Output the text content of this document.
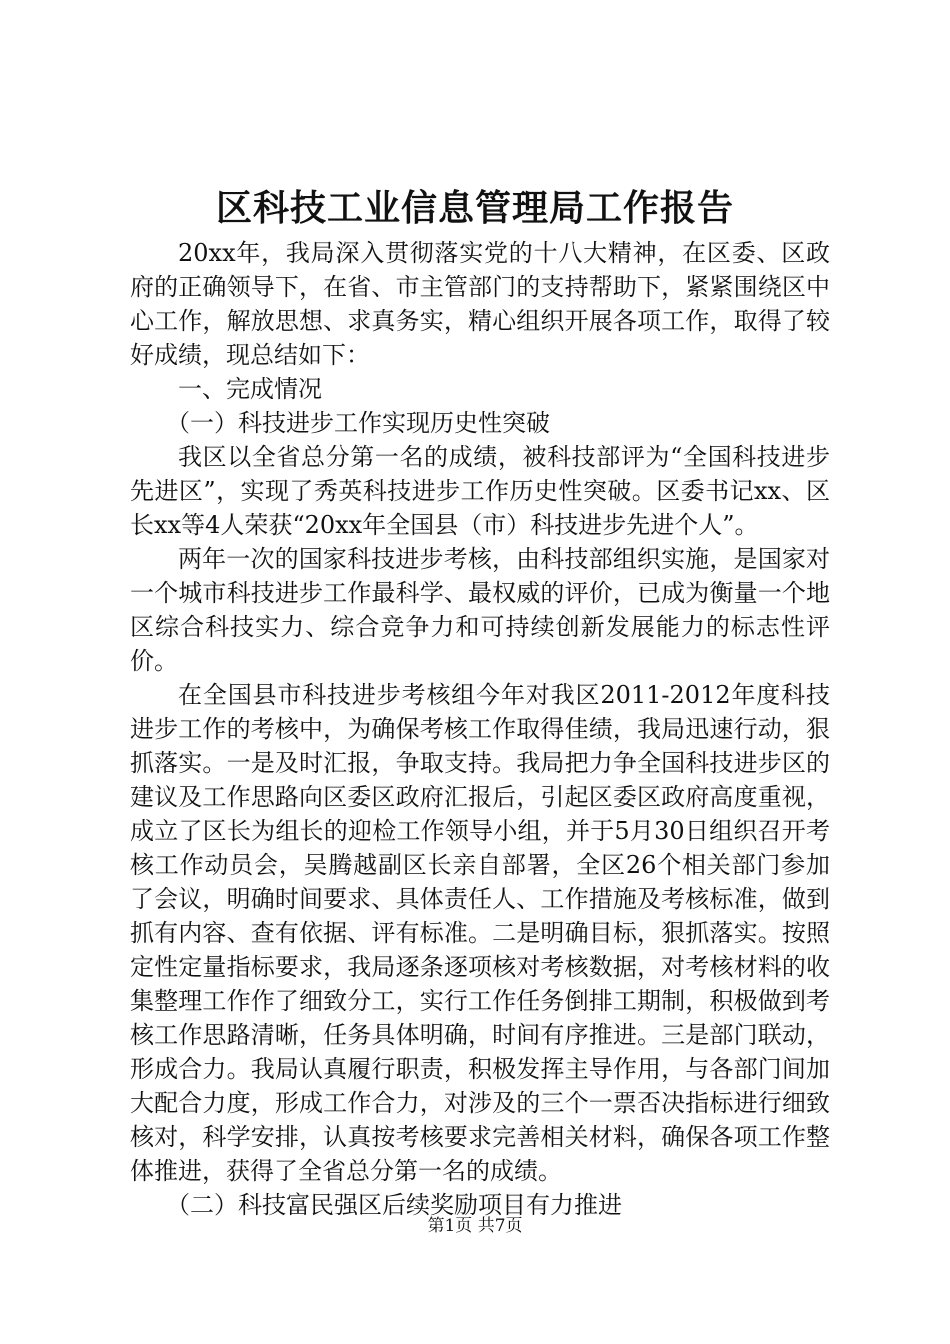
区科技工业信息管理局工作报告

20xx年，我局深入贯彻落实党的十八大精神，在区委、区政府的正确领导下，在省、市主管部门的支持帮助下，紧紧围绕区中心工作，解放思想、求真务实，精心组织开展各项工作，取得了较好成绩，现总结如下：

一、完成情况

（一）科技进步工作实现历史性突破

我区以全省总分第一名的成绩，被科技部评为“全国科技进步先进区”，实现了秀英科技进步工作历史性突破。区委书记xx、区长xx等4人荣获“20xx年全国县（市）科技进步先进个人”。

两年一次的国家科技进步考核，由科技部组织实施，是国家对一个城市科技进步工作最科学、最权威的评价，已成为衡量一个地区综合科技实力、综合竞争力和可持续创新发展能力的标志性评价。

在全国县市科技进步考核组今年对我区2011-2012年度科技进步工作的考核中，为确保考核工作取得佳绩，我局迅速行动，狠抓落实。一是及时汇报，争取支持。我局把力争全国科技进步区的建议及工作思路向区委区政府汇报后，引起区委区政府高度重视，成立了区长为组长的迎检工作领导小组，并于5月30日组织召开考核工作动员会，吴腾越副区长亲自部署，全区26个相关部门参加了会议，明确时间要求、具体责任人、工作措施及考核标准，做到抓有内容、查有依据、评有标准。二是明确目标，狠抓落实。按照定性定量指标要求，我局逐条逐项核对考核数据，对考核材料的收集整理工作作了细致分工，实行工作任务倒排工期制，积极做到考核工作思路清晰，任务具体明确，时间有序推进。三是部门联动，形成合力。我局认真履行职责，积极发挥主导作用，与各部门间加大配合力度，形成工作合力，对涉及的三个一票否决指标进行细致核对，科学安排，认真按考核要求完善相关材料，确保各项工作整体推进，获得了全省总分第一名的成绩。

（二）科技富民强区后续奖励项目有力推进

第1页 共7页
